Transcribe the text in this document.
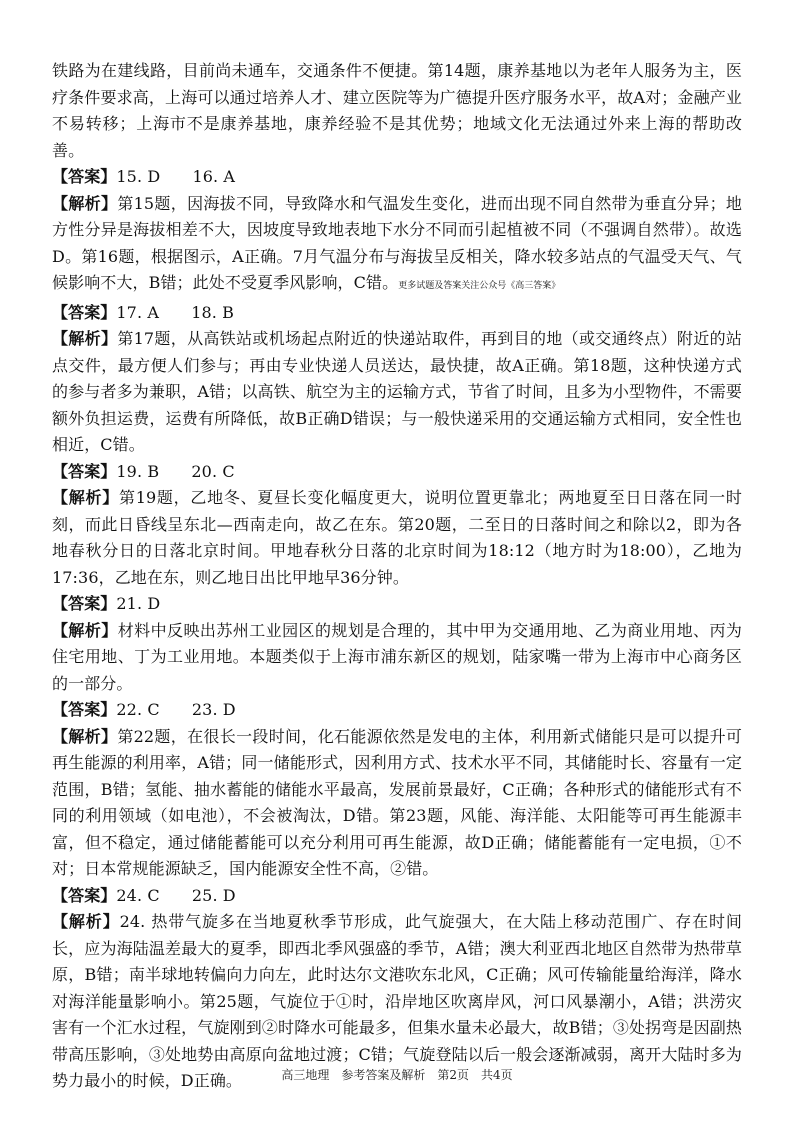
铁路为在建线路，目前尚未通车，交通条件不便捷。第14题，康养基地以为老年人服务为主，医疗条件要求高，上海可以通过培养人才、建立医院等为广德提升医疗服务水平，故A对；金融产业不易转移；上海市不是康养基地，康养经验不是其优势；地域文化无法通过外来上海的帮助改善。

【答案】15. D　　16. A

【解析】第15题，因海拔不同，导致降水和气温发生变化，进而出现不同自然带为垂直分异；地方性分异是海拔相差不大，因坡度导致地表地下水分不同而引起植被不同（不强调自然带）。故选D。第16题，根据图示，A正确。7月气温分布与海拔呈反相关，降水较多站点的气温受天气、气候影响不大，B错；此处不受夏季风影响，C错。更多试题及答案关注公众号《高三答案》

【答案】17. A　　18. B

【解析】第17题，从高铁站或机场起点附近的快递站取件，再到目的地（或交通终点）附近的站点交件，最方便人们参与；再由专业快递人员送达，最快捷，故A正确。第18题，这种快递方式的参与者多为兼职，A错；以高铁、航空为主的运输方式，节省了时间，且多为小型物件，不需要额外负担运费，运费有所降低，故B正确D错误；与一般快递采用的交通运输方式相同，安全性也相近，C错。

【答案】19. B　　20. C

【解析】第19题，乙地冬、夏昼长变化幅度更大，说明位置更靠北；两地夏至日日落在同一时刻，而此日昏线呈东北—西南走向，故乙在东。第20题，二至日的日落时间之和除以2，即为各地春秋分日的日落北京时间。甲地春秋分日落的北京时间为18:12（地方时为18:00），乙地为17:36，乙地在东，则乙地日出比甲地早36分钟。

【答案】21. D

【解析】材料中反映出苏州工业园区的规划是合理的，其中甲为交通用地、乙为商业用地、丙为住宅用地、丁为工业用地。本题类似于上海市浦东新区的规划，陆家嘴一带为上海市中心商务区的一部分。

【答案】22. C　　23. D

【解析】第22题，在很长一段时间，化石能源依然是发电的主体，利用新式储能只是可以提升可再生能源的利用率，A错；同一储能形式，因利用方式、技术水平不同，其储能时长、容量有一定范围，B错；氢能、抽水蓄能的储能水平最高，发展前景最好，C正确；各种形式的储能形式有不同的利用领域（如电池），不会被淘汰，D错。第23题，风能、海洋能、太阳能等可再生能源丰富，但不稳定，通过储能蓄能可以充分利用可再生能源，故D正确；储能蓄能有一定电损，①不对；日本常规能源缺乏，国内能源安全性不高，②错。

【答案】24. C　　25. D

【解析】24. 热带气旋多在当地夏秋季节形成，此气旋强大，在大陆上移动范围广、存在时间长，应为海陆温差最大的夏季，即西北季风强盛的季节，A错；澳大利亚西北地区自然带为热带草原，B错；南半球地转偏向力向左，此时达尔文港吹东北风，C正确；风可传输能量给海洋，降水对海洋能量影响小。第25题，气旋位于①时，沿岸地区吹离岸风，河口风暴潮小，A错；洪涝灾害有一个汇水过程，气旋刚到②时降水可能最多，但集水量未必最大，故B错；③处拐弯是因副热带高压影响，③处地势由高原向盆地过渡；C错；气旋登陆以后一般会逐渐减弱，离开大陆时多为势力最小的时候，D正确。	高三地理　参考答案及解析　第2页　共4页
